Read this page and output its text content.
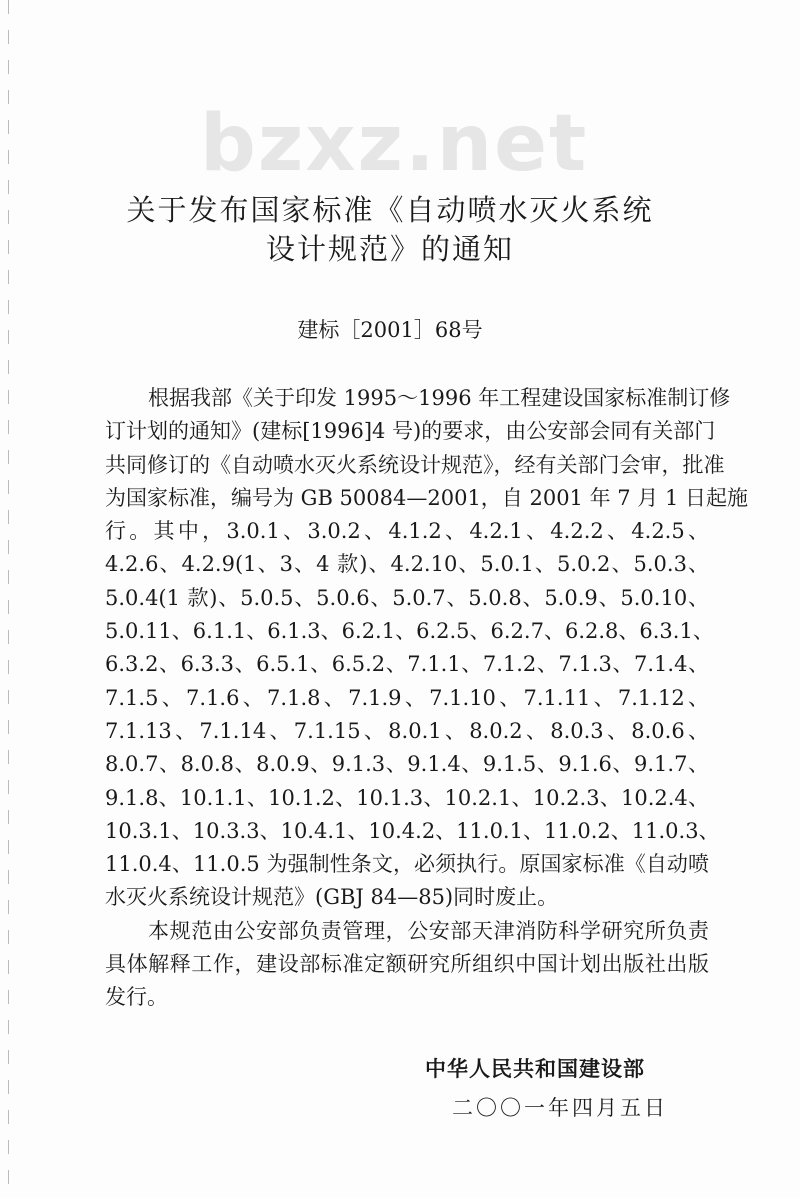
bzxz.net
关于发布国家标准《自动喷水灭火系统
设计规范》的通知
建标［2001］68号
根据我部《关于印发 1995～1996 年工程建设国家标准制订修
订计划的通知》(建标[1996]4 号)的要求，由公安部会同有关部门
共同修订的《自动喷水灭火系统设计规范》，经有关部门会审，批准
为国家标准，编号为 GB 50084—2001，自 2001 年 7 月 1 日起施
行。其中，3.0.1、3.0.2、4.1.2、4.2.1、4.2.2、4.2.5、
4.2.6、4.2.9(1、3、4 款)、4.2.10、5.0.1、5.0.2、5.0.3、
5.0.4(1 款)、5.0.5、5.0.6、5.0.7、5.0.8、5.0.9、5.0.10、
5.0.11、6.1.1、6.1.3、6.2.1、6.2.5、6.2.7、6.2.8、6.3.1、
6.3.2、6.3.3、6.5.1、6.5.2、7.1.1、7.1.2、7.1.3、7.1.4、
7.1.5、7.1.6、7.1.8、7.1.9、7.1.10、7.1.11、7.1.12、
7.1.13、7.1.14、7.1.15、8.0.1、8.0.2、8.0.3、8.0.6、
8.0.7、8.0.8、8.0.9、9.1.3、9.1.4、9.1.5、9.1.6、9.1.7、
9.1.8、10.1.1、10.1.2、10.1.3、10.2.1、10.2.3、10.2.4、
10.3.1、10.3.3、10.4.1、10.4.2、11.0.1、11.0.2、11.0.3、
11.0.4、11.0.5 为强制性条文，必须执行。原国家标准《自动喷
水灭火系统设计规范》(GBJ 84—85)同时废止。
本规范由公安部负责管理，公安部天津消防科学研究所负责
具体解释工作，建设部标准定额研究所组织中国计划出版社出版
发行。
中华人民共和国建设部
二〇〇一年四月五日
